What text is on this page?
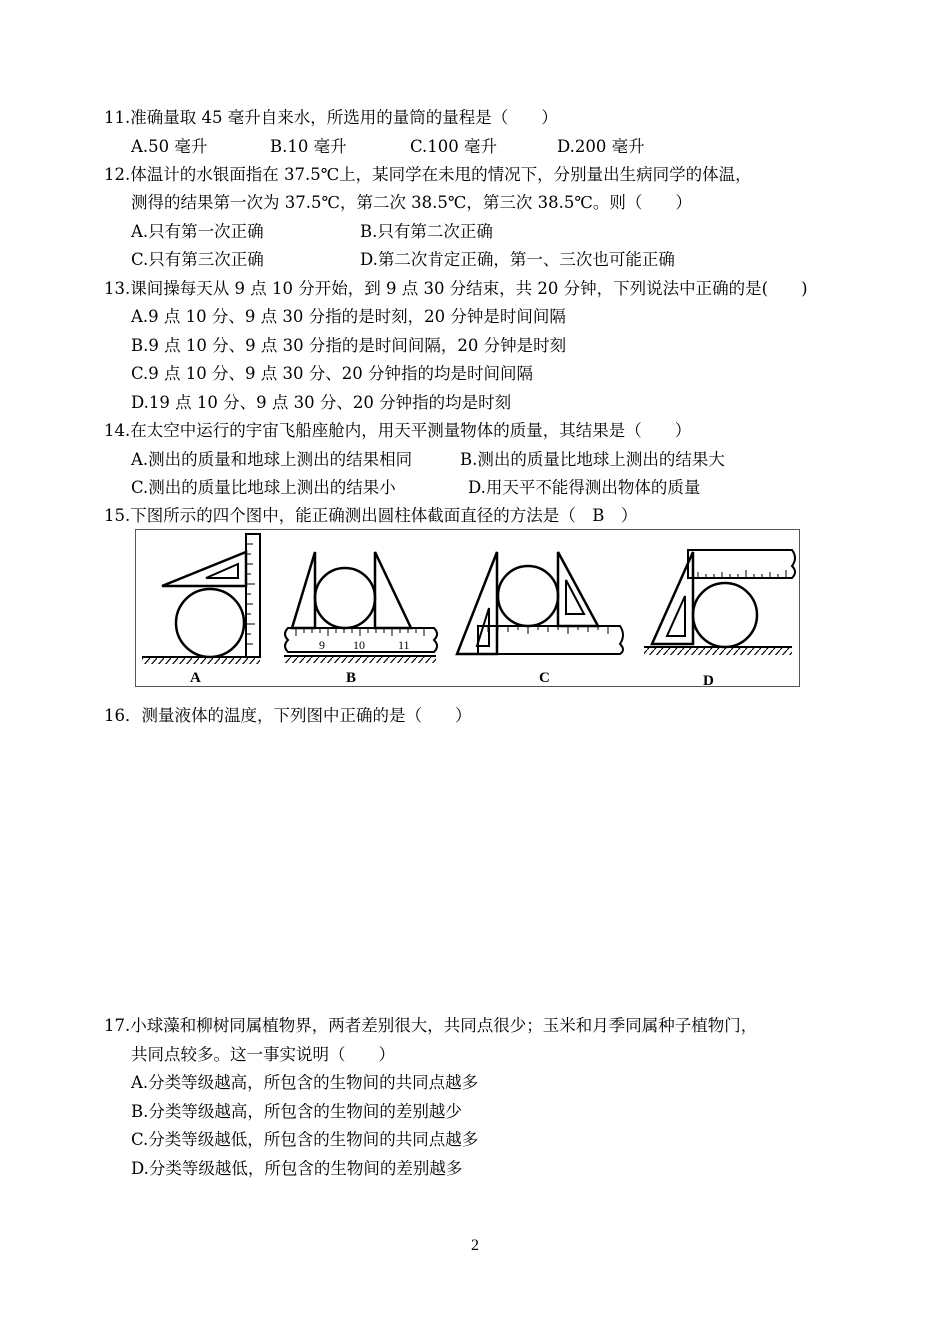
11.准确量取 45 毫升自来水，所选用的量筒的量程是（　　）
A.50 毫升	B.10 毫升	C.100 毫升	D.200 毫升
12.体温计的水银面指在 37.5℃上，某同学在未甩的情况下，分别量出生病同学的体温，
测得的结果第一次为 37.5℃，第二次 38.5℃，第三次 38.5℃。则（　　）
A.只有第一次正确	B.只有第二次正确
C.只有第三次正确	D.第二次肯定正确，第一、三次也可能正确
13.课间操每天从 9 点 10 分开始，到 9 点 30 分结束，共 20 分钟，下列说法中正确的是(　　)
A.9 点 10 分、9 点 30 分指的是时刻，20 分钟是时间间隔
B.9 点 10 分、9 点 30 分指的是时间间隔，20 分钟是时刻
C.9 点 10 分、9 点 30 分、20 分钟指的均是时间间隔
D.19 点 10 分、9 点 30 分、20 分钟指的均是时刻
14.在太空中运行的宇宙飞船座舱内，用天平测量物体的质量，其结果是（　　）
A.测出的质量和地球上测出的结果相同	B.测出的质量比地球上测出的结果大
C.测出的质量比地球上测出的结果小	D.用天平不能得测出物体的质量
15.下图所示的四个图中，能正确测出圆柱体截面直径的方法是（　B　）
9 10	11
A	B	C	D
16．测量液体的温度，下列图中正确的是（　　）
17.小球藻和柳树同属植物界，两者差别很大，共同点很少；玉米和月季同属种子植物门，
共同点较多。这一事实说明（　　）
A.分类等级越高，所包含的生物间的共同点越多
B.分类等级越高，所包含的生物间的差别越少
C.分类等级越低，所包含的生物间的共同点越多
D.分类等级越低，所包含的生物间的差别越多
2
